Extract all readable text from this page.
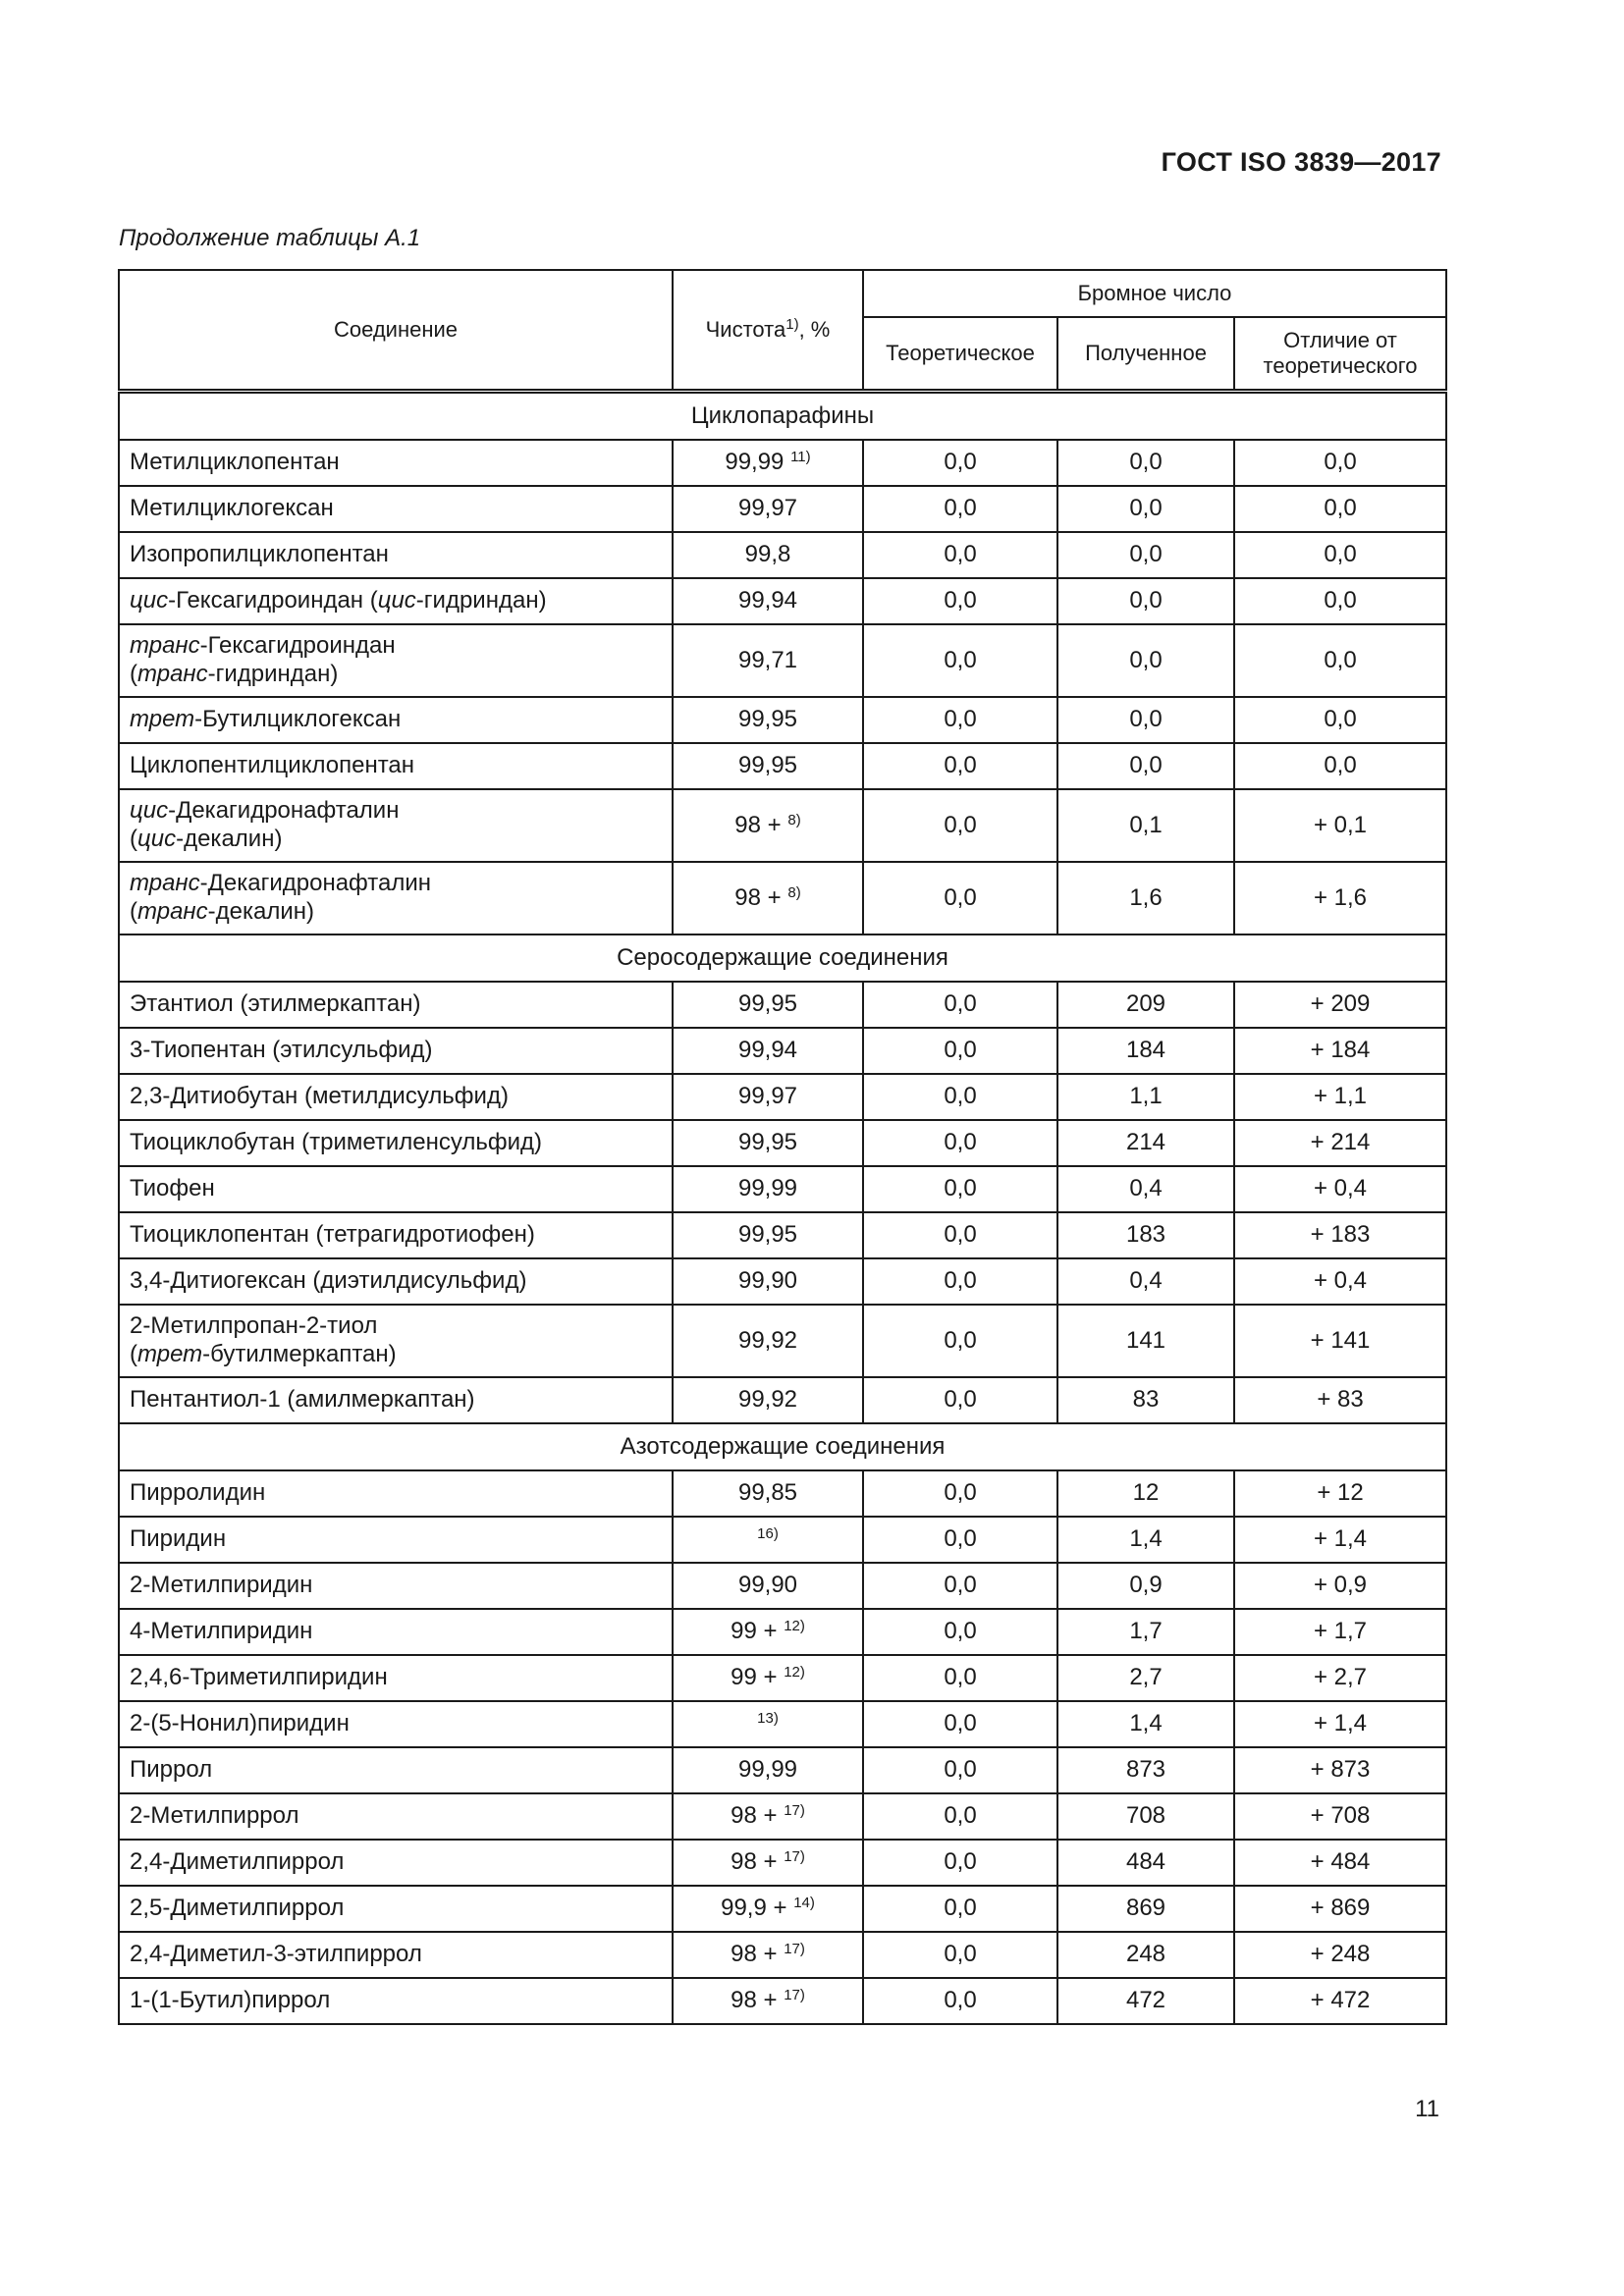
ГОСТ ISO 3839—2017
Продолжение таблицы А.1
Соединение	Чистота$^{1)}$, %	Бромное число		
		Теоретическое	Полученное	Отличие от теоретического
Циклопарафины				

Метилциклопентан	99,99 $^{11)}$	0,0	0,0	0,0

Метилциклогексан	99,97	0,0	0,0	0,0

Изопропилциклопентан	99,8	0,0	0,0	0,0

цис-Гексагидроиндан (цис-гидриндан)	99,94	0,0	0,0	0,0

транс-Гексагидроиндан
(транс-гидриндан)	99,71	0,0	0,0	0,0

трет-Бутилциклогексан	99,95	0,0	0,0	0,0

Циклопентилциклопентан	99,95	0,0	0,0	0,0

цис-Декагидронафталин
(цис-декалин)	98 + $^{8)}$	0,0	0,1	+ 0,1

транс-Декагидронафталин
(транс-декалин)	98 + $^{8)}$	0,0	1,6	+ 1,6
Серосодержащие соединения				

Этантиол (этилмеркаптан)	99,95	0,0	209	+ 209

3-Тиопентан (этилсульфид)	99,94	0,0	184	+ 184

2,3-Дитиобутан (метилдисульфид)	99,97	0,0	1,1	+ 1,1

Тиоциклобутан (триметиленсульфид)	99,95	0,0	214	+ 214

Тиофен	99,99	0,0	0,4	+ 0,4

Тиоциклопентан (тетрагидротиофен)	99,95	0,0	183	+ 183

3,4-Дитиогексан (диэтилдисульфид)	99,90	0,0	0,4	+ 0,4

2-Метилпропан-2-тиол
(трет-бутилмеркаптан)	99,92	0,0	141	+ 141

Пентантиол-1 (амилмеркаптан)	99,92	0,0	83	+ 83
Азотсодержащие соединения				

Пирролидин	99,85	0,0	12	+ 12

Пиридин	$^{16)}$	0,0	1,4	+ 1,4

2-Метилпиридин	99,90	0,0	0,9	+ 0,9

4-Метилпиридин	99 + $^{12)}$	0,0	1,7	+ 1,7

2,4,6-Триметилпиридин	99 + $^{12)}$	0,0	2,7	+ 2,7

2-(5-Нонил)пиридин	$^{13)}$	0,0	1,4	+ 1,4

Пиррол	99,99	0,0	873	+ 873

2-Метилпиррол	98 + $^{17)}$	0,0	708	+ 708

2,4-Диметилпиррол	98 + $^{17)}$	0,0	484	+ 484

2,5-Диметилпиррол	99,9 + $^{14)}$	0,0	869	+ 869

2,4-Диметил-3-этилпиррол	98 + $^{17)}$	0,0	248	+ 248

1-(1-Бутил)пиррол	98 + $^{17)}$	0,0	472	+ 472
11
